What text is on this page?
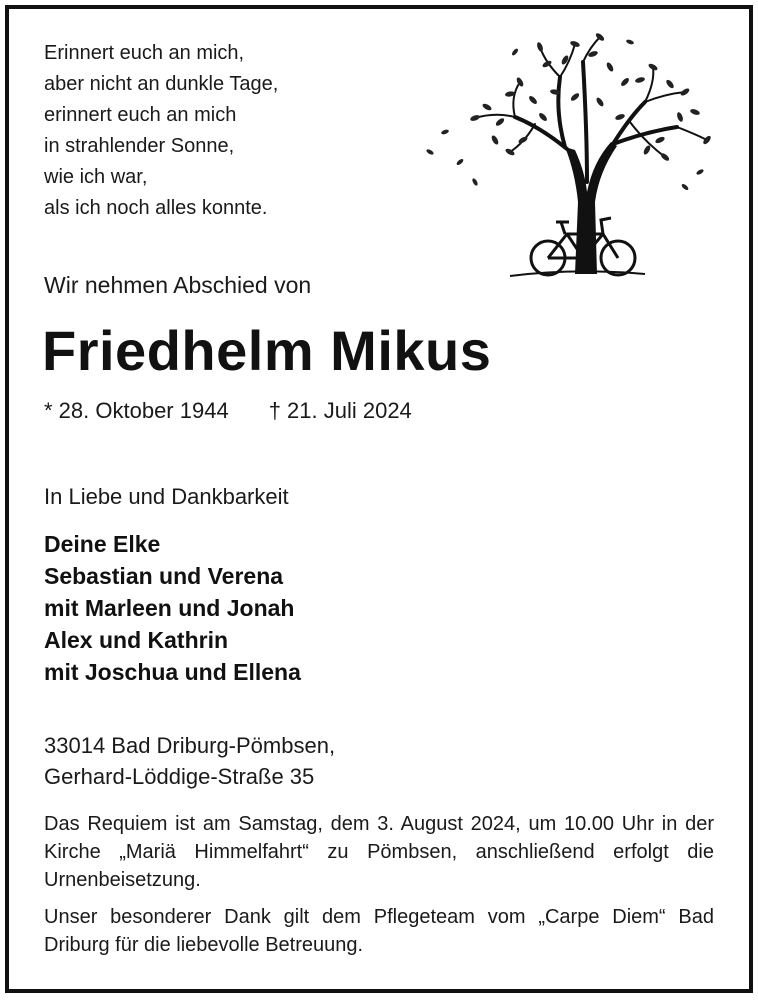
Erinnert euch an mich,
aber nicht an dunkle Tage,
erinnert euch an mich
in strahlender Sonne,
wie ich war,
als ich noch alles konnte.
Wir nehmen Abschied von
Friedhelm Mikus
* 28. Oktober 1944 † 21. Juli 2024
In Liebe und Dankbarkeit
Deine Elke
Sebastian und Verena
mit Marleen und Jonah
Alex und Kathrin
mit Joschua und Ellena
33014 Bad Driburg-Pömbsen,
Gerhard-Löddige-Straße 35
Das Requiem ist am Samstag, dem 3. August 2024, um 10.00 Uhr in der Kirche „Mariä Himmelfahrt“ zu Pömbsen, anschließend erfolgt die Urnenbeisetzung.
Unser besonderer Dank gilt dem Pflegeteam vom „Carpe Diem“ Bad Driburg für die liebevolle Betreuung.
